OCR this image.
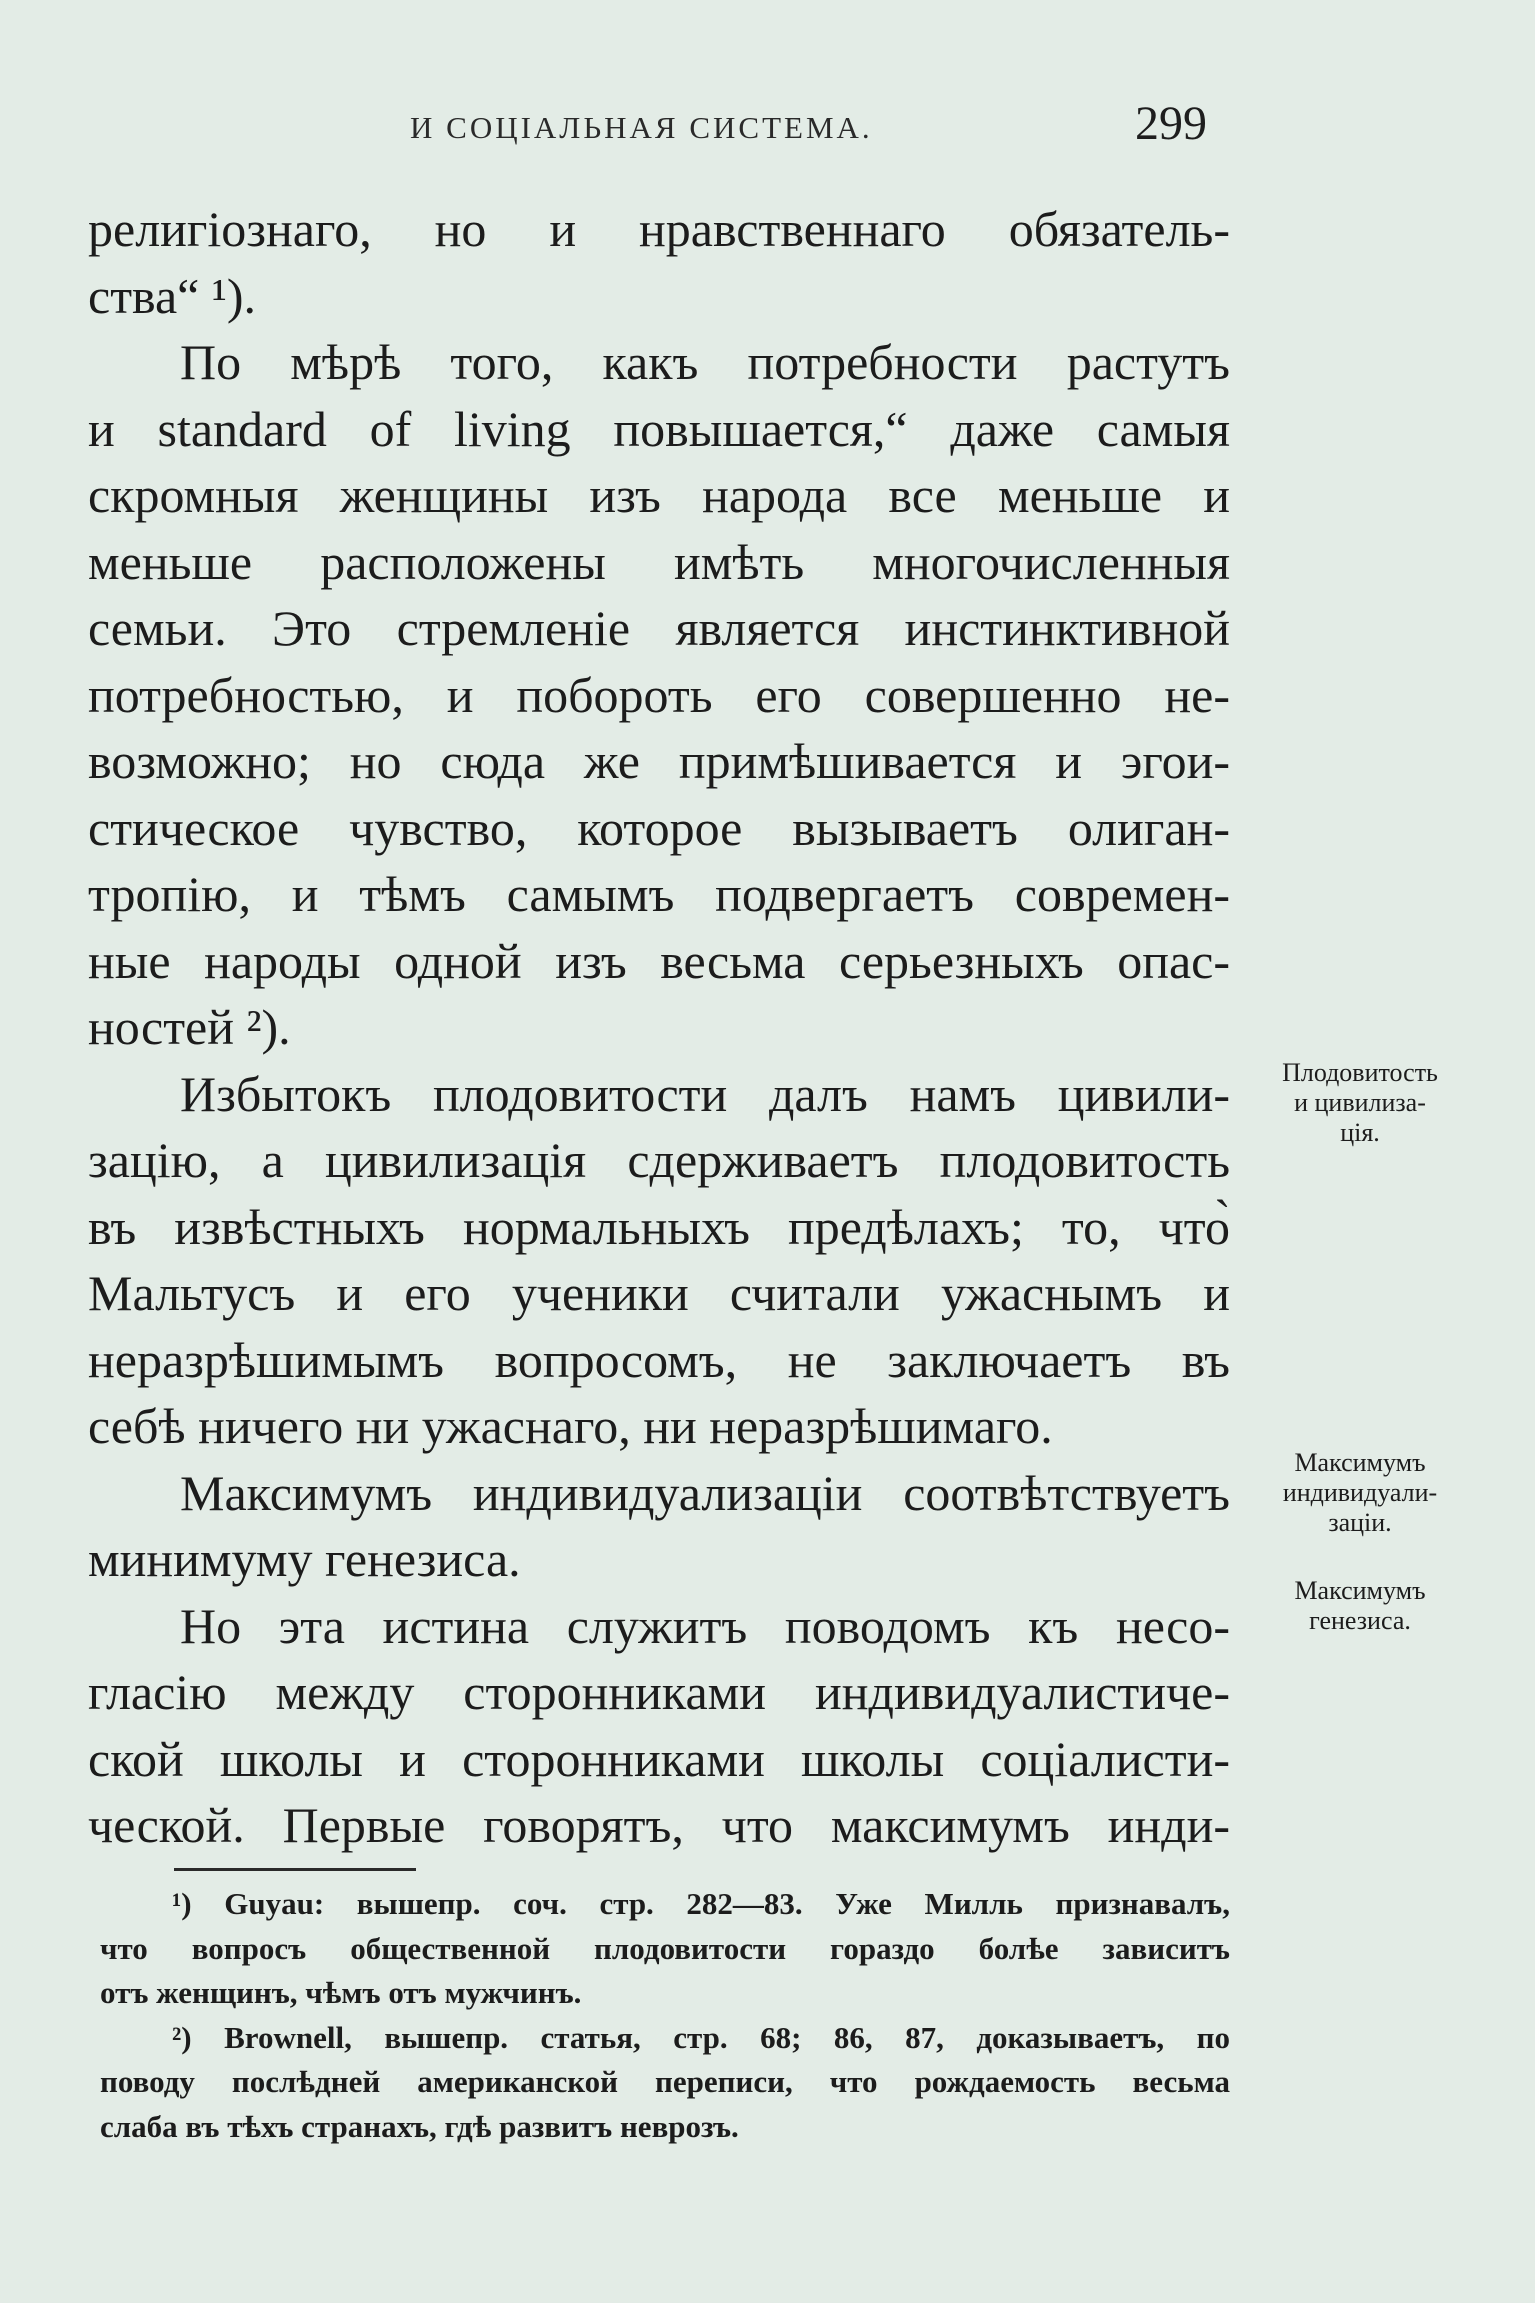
И СОЦІАЛЬНАЯ СИСТЕМА.	299
религіознаго, но и нравственнаго обязатель-
ства“ ¹).
По мѣрѣ того, какъ потребности растутъ
и standard of living повышается,“ даже самыя
скромныя женщины изъ народа все меньше и
меньше расположены имѣть многочисленныя
семьи. Это стремленіе является инстинктивной
потребностью, и побороть его совершенно не-
возможно; но сюда же примѣшивается и эгои-
стическое чувство, которое вызываетъ олиган-
тропію, и тѣмъ самымъ подвергаетъ современ-
ные народы одной изъ весьма серьезныхъ опас-
ностей ²).
Избытокъ плодовитости далъ намъ цивили-
зацію, а цивилизація сдерживаетъ плодовитость
въ извѣстныхъ нормальныхъ предѣлахъ; то, что̀
Мальтусъ и его ученики считали ужаснымъ и
неразрѣшимымъ вопросомъ, не заключаетъ въ
себѣ ничего ни ужаснаго, ни неразрѣшимаго.
Максимумъ индивидуализаціи соотвѣтствуетъ
минимуму генезиса.
Но эта истина служитъ поводомъ къ несо-
гласію между сторонниками индивидуалистиче-
ской школы и сторонниками школы соціалисти-
ческой. Первые говорятъ, что максимумъ инди-
Плодовитость
и цивилиза-
ція.
Максимумъ
индивидуали-
заціи.
Максимумъ
генезиса.
¹) Guyau: вышепр. соч. стр. 282—83. Уже Милль признавалъ,
что вопросъ общественной плодовитости гораздо болѣе зависитъ
отъ женщинъ, чѣмъ отъ мужчинъ.
²) Brownell, вышепр. статья, стр. 68; 86, 87, доказываетъ, по
поводу послѣдней американской переписи, что рождаемость весьма
слаба въ тѣхъ странахъ, гдѣ развитъ неврозъ.
